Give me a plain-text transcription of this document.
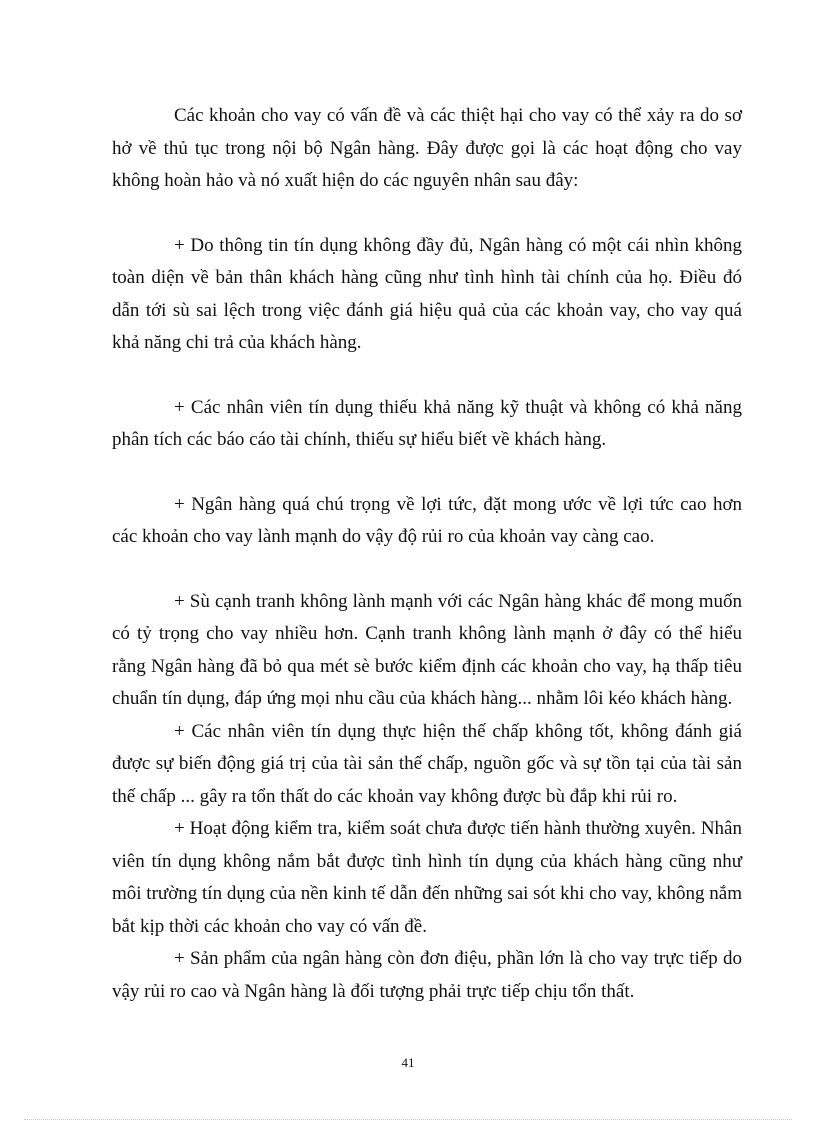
Các khoản cho vay có vấn đề và các thiệt hại cho vay có thể xảy ra do sơ hở về thủ tục trong nội bộ Ngân hàng. Đây được gọi là các hoạt động cho vay không hoàn hảo và nó xuất hiện do các nguyên nhân sau đây:

+ Do thông tin tín dụng không đầy đủ, Ngân hàng có một cái nhìn không toàn diện về bản thân khách hàng cũng như tình hình tài chính của họ. Điều đó dẫn tới sù sai lệch trong việc đánh giá hiệu quả của các khoản vay, cho vay quá khả năng chi trả của khách hàng.

+ Các nhân viên tín dụng thiếu khả năng kỹ thuật và không có khả năng phân tích các báo cáo tài chính, thiếu sự hiểu biết về khách hàng.

+ Ngân hàng quá chú trọng về lợi tức, đặt mong ước về lợi tức cao hơn các khoản cho vay lành mạnh do vậy độ rủi ro của khoản vay càng cao.

+ Sù cạnh tranh không lành mạnh với các Ngân hàng khác để mong muốn có tỷ trọng cho vay nhiều hơn. Cạnh tranh không lành mạnh ở đây có thể hiểu rằng Ngân hàng đã bỏ qua mét sè bước kiểm định các khoản cho vay, hạ thấp tiêu chuẩn tín dụng, đáp ứng mọi nhu cầu của khách hàng... nhằm lôi kéo khách hàng.

+ Các nhân viên tín dụng thực hiện thế chấp không tốt, không đánh giá được sự biến động giá trị của tài sản thế chấp, nguồn gốc và sự tồn tại của tài sản thế chấp ... gây ra tổn thất do các khoản vay không được bù đắp khi rủi ro.

+ Hoạt động kiểm tra, kiểm soát chưa được tiến hành thường xuyên. Nhân viên tín dụng không nắm bắt được tình hình tín dụng của khách hàng cũng như môi trường tín dụng của nền kinh tế dẫn đến những sai sót khi cho vay, không nắm bắt kịp thời các khoản cho vay có vấn đề.

+ Sản phẩm của ngân hàng còn đơn điệu, phần lớn là cho vay trực tiếp do vậy rủi ro cao và Ngân hàng là đối tượng phải trực tiếp chịu tổn thất.

41
